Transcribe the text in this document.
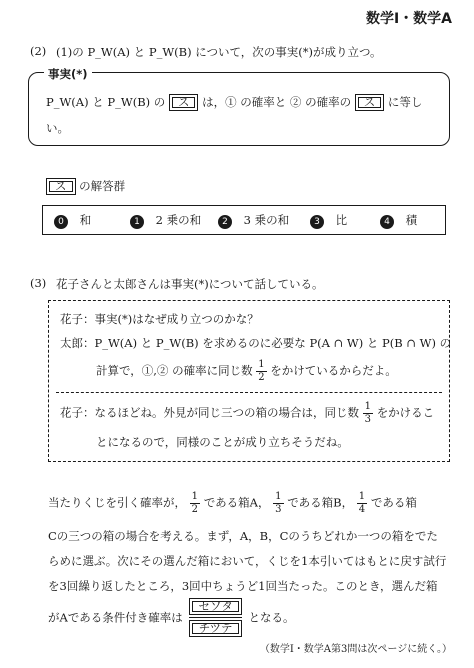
数学Ⅰ・数学A
(2) (1)の P_W(A) と P_W(B) について，次の事実(*)が成り立つ。
事実(*)
P_W(A) と P_W(B) の ス は，① の確率と ② の確率の ス に等し
い。
ス の解答群
0 和	1 2 乗の和	2 3 乗の和	3 比	4 積
(3) 花子さんと太郎さんは事実(*)について話している。
花子：事実(*)はなぜ成り立つのかな？
太郎：P_W(A) と P_W(B) を求めるのに必要な P(A ∩ W) と P(B ∩ W) の
計算で，①,② の確率に同じ数 $\frac{1}{2}$ をかけているからだよ。
花子：なるほどね。外見が同じ三つの箱の場合は，同じ数 $\frac{1}{3}$ をかけるこ
とになるので，同様のことが成り立ちそうだね。
当たりくじを引く確率が， $\frac{1}{2}$ である箱A， $\frac{1}{3}$ である箱B， $\frac{1}{4}$ である箱
Cの三つの箱の場合を考える。まず，A，B，Cのうちどれか一つの箱をでた
らめに選ぶ。次にその選んだ箱において，くじを1本引いてはもとに戻す試行
を3回繰り返したところ，3回中ちょうど1回当たった。このとき，選んだ箱
がAである条件付き確率は
セソタ
チツテ
となる。
（数学Ⅰ・数学A第3問は次ページに続く。）
